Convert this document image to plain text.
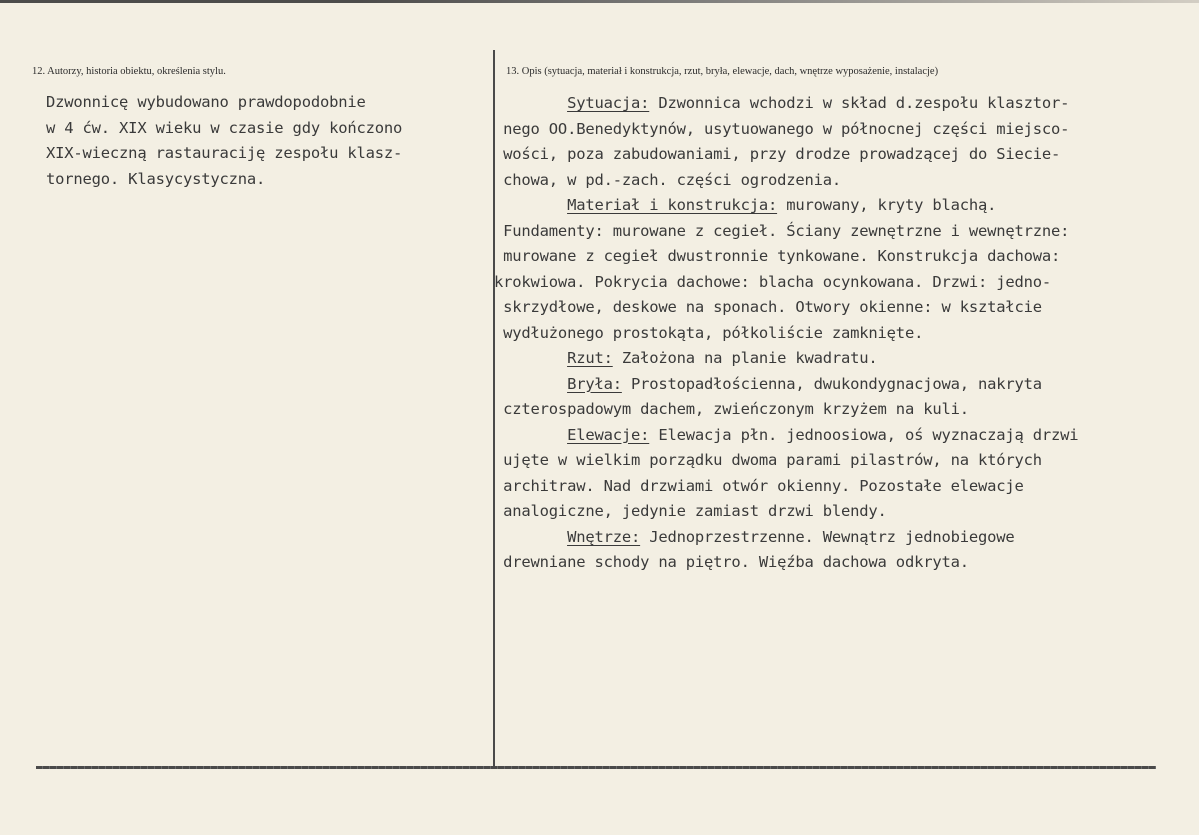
12. Autorzy, historia obiektu, określenia stylu.	13. Opis (sytuacja, materiał i konstrukcja, rzut, bryła, elewacje, dach, wnętrze wyposażenie, instalacje)
Dzwonnicę wybudowano prawdopodobnie
w 4 ćw. XIX wieku w czasie gdy kończono
XIX-wieczną rastauraciję zespołu klasz-
tornego. Klasycystyczna.
Sytuacja: Dzwonnica wchodzi w skład d.zespołu klasztor-
nego OO.Benedyktynów, usytuowanego w północnej części miejsco-
wości, poza zabudowaniami, przy drodze prowadzącej do Sieciе-
chowa, w pd.-zach. części ogrodzenia.
Materiał i konstrukcja: murowany, kryty blachą.
Fundamenty: murowane z cegieł. Ściany zewnętrzne i wewnętrzne:
murowane z cegieł dwustronnie tynkowane. Konstrukcja dachowa:
krokwiowa. Pokrycia dachowe: blacha ocynkowana. Drzwi: jedno-
skrzydłowe, deskowe na sponach. Otwory okienne: w kształcie
wydłużonego prostokąta, półkoliście zamknięte.
Rzut: Założona na planie kwadratu.
Bryła: Prostopadłościenna, dwukondygnacjowa, nakryta
czterospadowym dachem, zwieńczonym krzyżem na kuli.
Elewacje: Elewacja płn. jednoosiowa, oś wyznaczają drzwi
ujęte w wielkim porządku dwoma parami pilastrów, na których
architraw. Nad drzwiami otwór okienny. Pozostałe elewacje
analogiczne, jedynie zamiast drzwi blendy.
Wnętrze: Jednoprzestrzenne. Wewnątrz jednobiegowe
drewniane schody na piętro. Więźba dachowa odkryta.
